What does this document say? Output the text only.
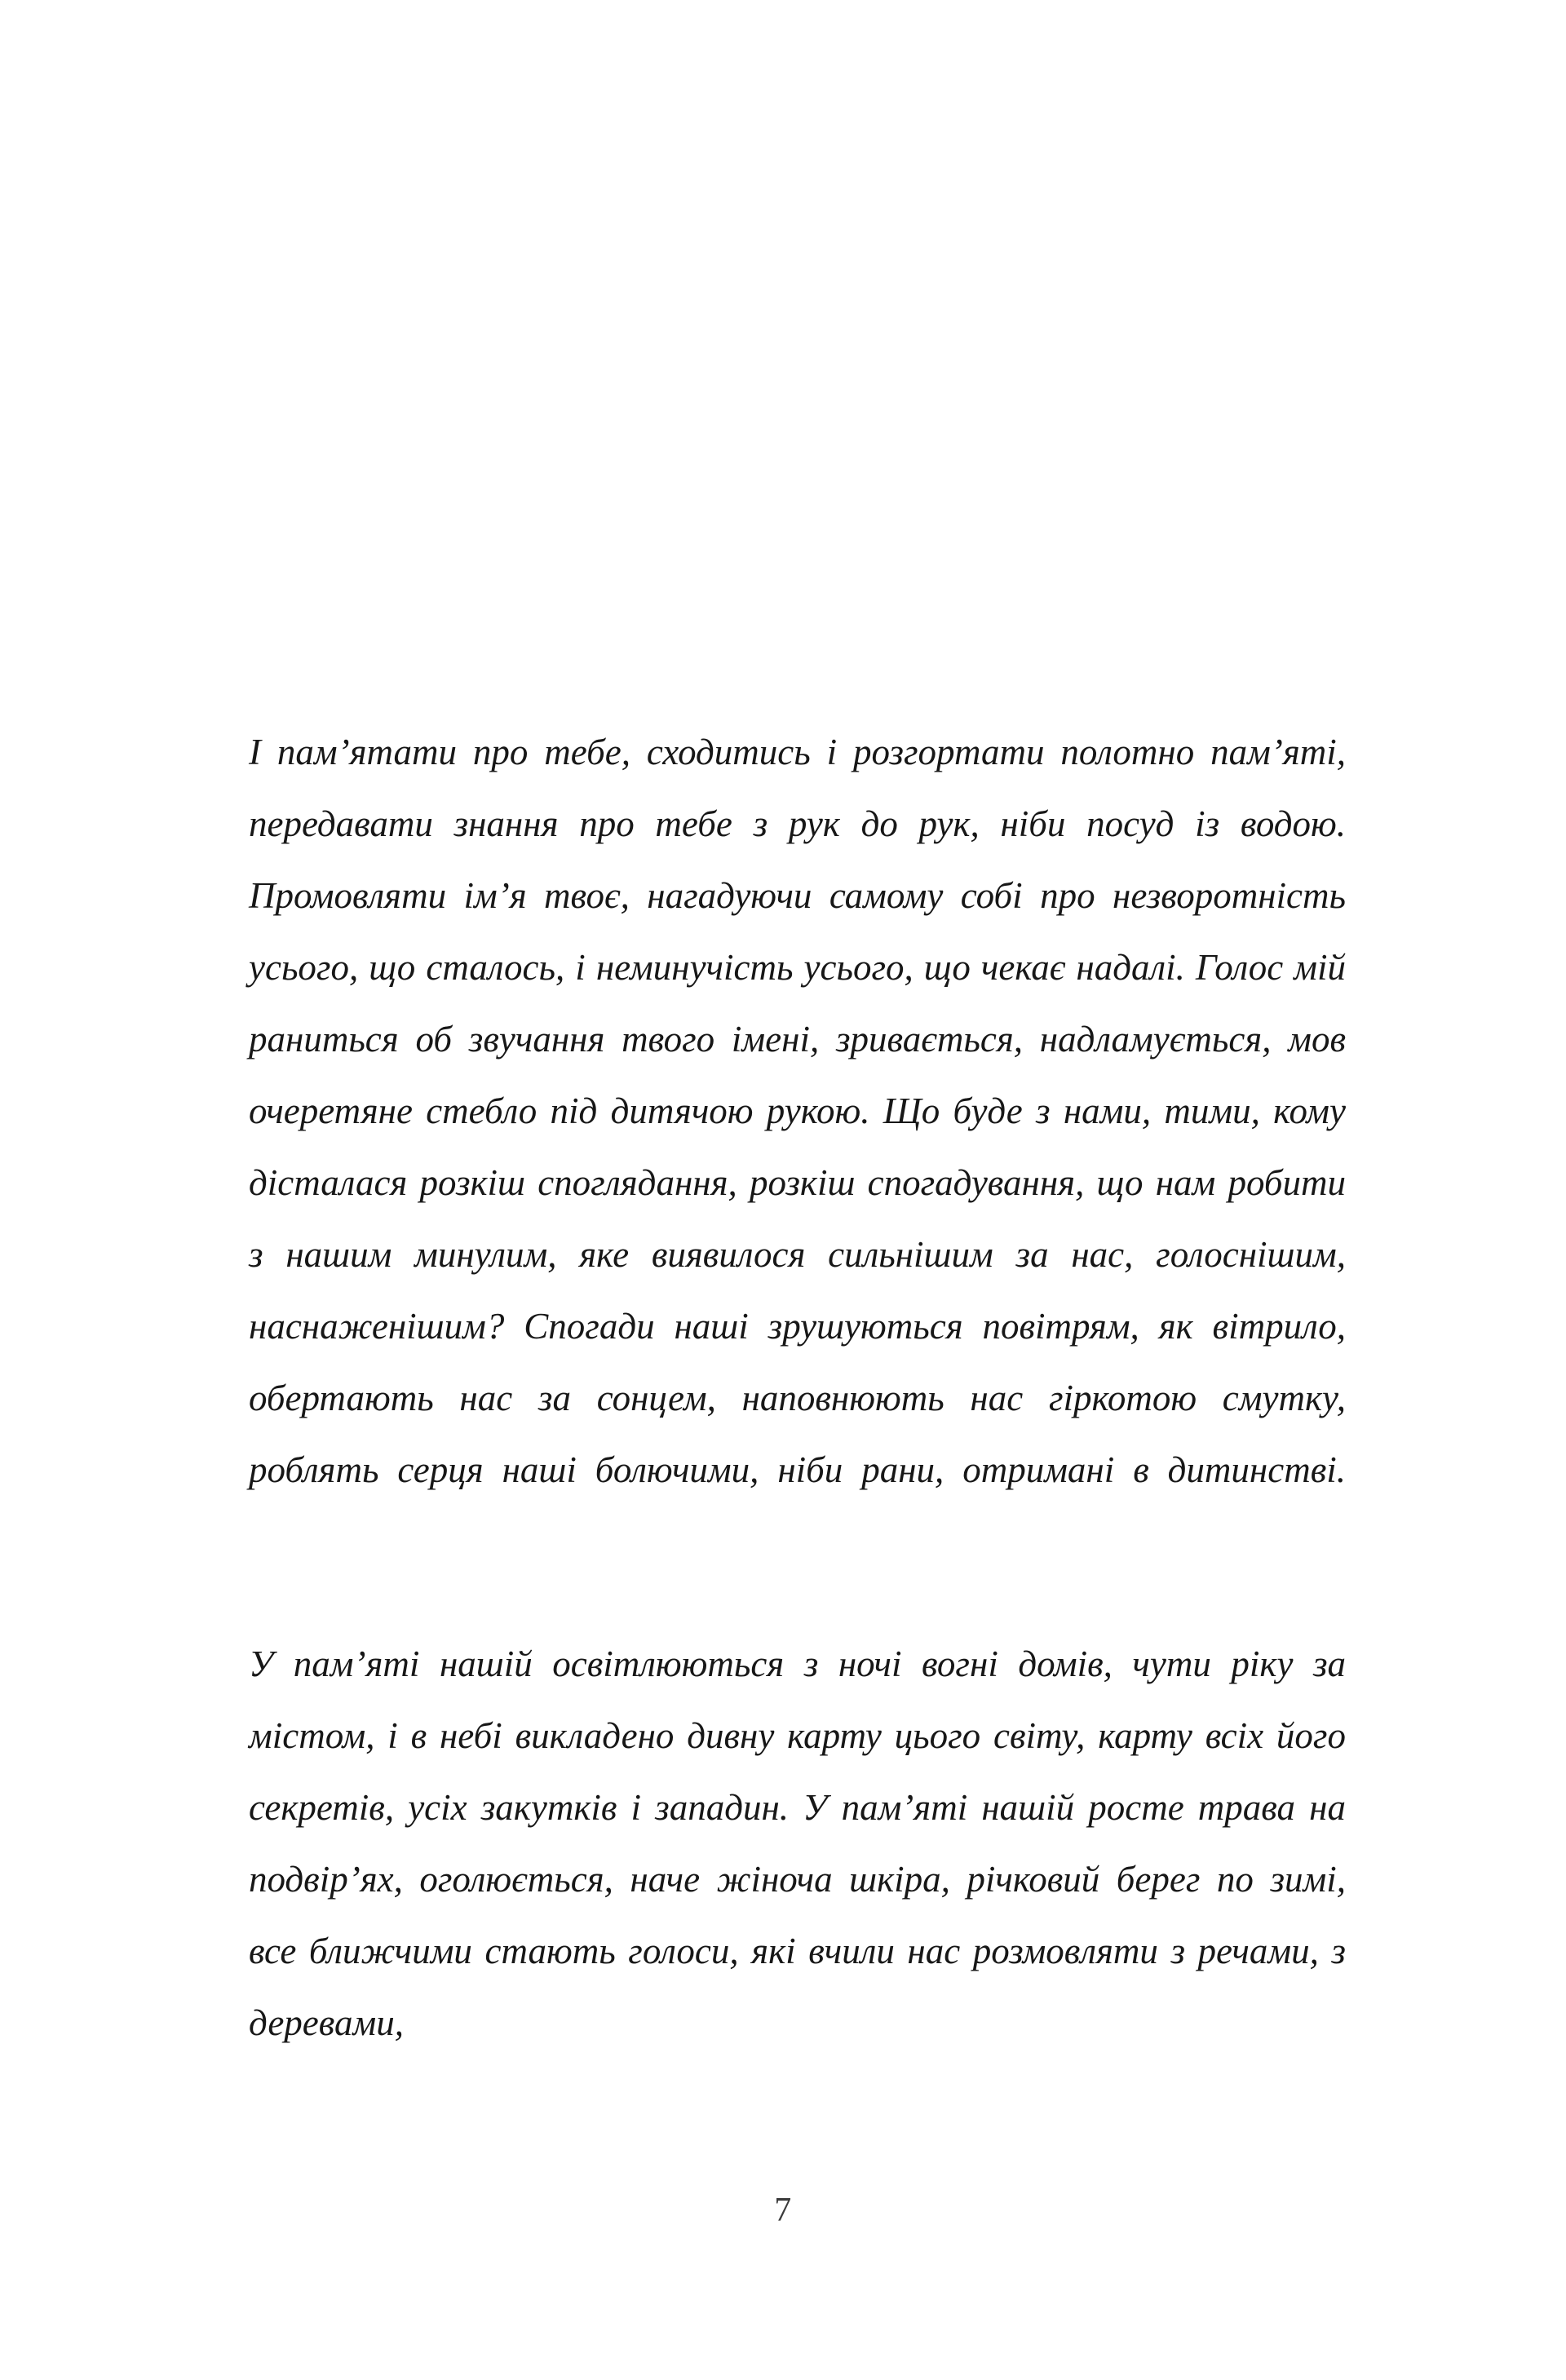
І пам’ятати про тебе, сходитись і розгортати полотно пам’яті, передавати знання про тебе з рук до рук, ніби посуд із водою. Промовляти ім’я твоє, нагадуючи самому собі про незворотність усього, що сталось, і неминучість усього, що чекає надалі. Голос мій раниться об звучання твого імені, зривається, надламується, мов очеретяне стебло під дитячою рукою. Що буде з нами, тими, кому дісталася розкіш споглядання, розкіш спогадування, що нам робити з нашим минулим, яке виявилося сильнішим за нас, голоснішим, наснаженішим? Спогади наші зрушуються повітрям, як вітрило, обертають нас за сонцем, наповнюють нас гіркотою смутку, роблять серця наші болючими, ніби рани, отримані в дитинстві.

У пам’яті нашій освітлюються з ночі вогні домів, чути ріку за містом, і в небі викладено дивну карту цього світу, карту всіх його секретів, усіх закутків і западин. У пам’яті нашій росте трава на подвір’ях, оголюється, наче жіноча шкіра, річковий берег по зимі, все ближчими стають голоси, які вчили нас розмовляти з речами, з деревами,

7
